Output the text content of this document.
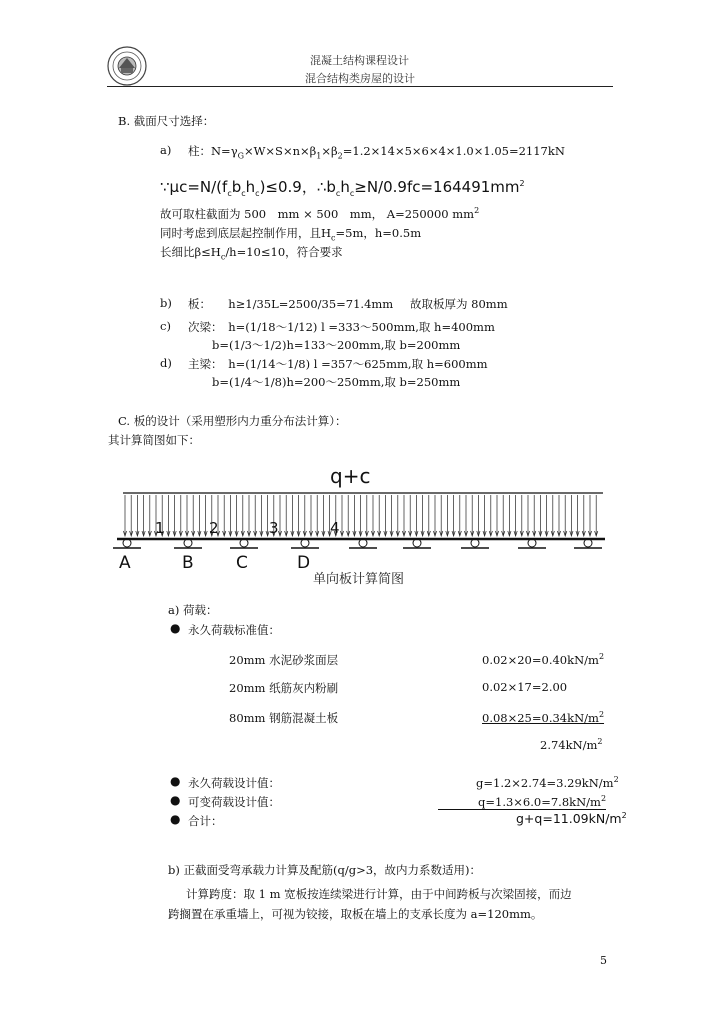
混凝土结构课程设计
混合结构类房屋的设计
B. 截面尺寸选择：
a) 柱：$N=\gamma_G\times W\times S\times n\times\beta_1\times\beta_2=1.2\times 14\times 5\times 6\times 4\times 1.0\times 1.05=2117kN$
$\because\mu c=N/(f_cb_ch_c)\le 0.9$，$\therefore b_ch_c\ge N/0.9fc=164491mm^2$
故可取柱截面为 500　mm × 500　mm， A=250000 $mm^2$
同时考虑到底层起控制作用，且$H_c=5m$，h=0.5m
长细比$\beta\le H_c/h=10\le 10$，符合要求
b) 板：　　h≥1/35L=2500/35=71.4mm 故取板厚为 80mm
c) 次梁：　h=(1/18～1/12) l =333～500mm,取 h=400mm
b=(1/3～1/2)h=133～200mm,取 b=200mm
d) 主梁：　h=(1/14～1/8) l =357～625mm,取 h=600mm
b=(1/4～1/8)h=200～250mm,取 b=250mm
C. 板的设计（采用塑形内力重分布法计算）：
其计算简图如下：
q+c
A	B C	D
1	2	3	4
单向板计算简图
a) 荷载：
● 永久荷载标准值：
20mm 水泥砂浆面层	$0.02\times 20=0.40kN/m^2$
20mm 纸筋灰内粉刷	0.02×17=2.00
80mm 钢筋混凝土板	$0.08\times 25=0.34kN/m^2$
$2.74kN/m^2$
● 永久荷载设计值：	$g=1.2\times 2.74=3.29kN/m^2$
● 可变荷载设计值：	$q=1.3\times 6.0=7.8kN/m^2$
● 合计：	$g+q=11.09kN/m^2$
b) 正截面受弯承载力计算及配筋(q/g>3，故内力系数适用)：
计算跨度：取 1 m 宽板按连续梁进行计算，由于中间跨板与次梁固接，而边
跨搁置在承重墙上，可视为铰接，取板在墙上的支承长度为 a=120mm。
5
